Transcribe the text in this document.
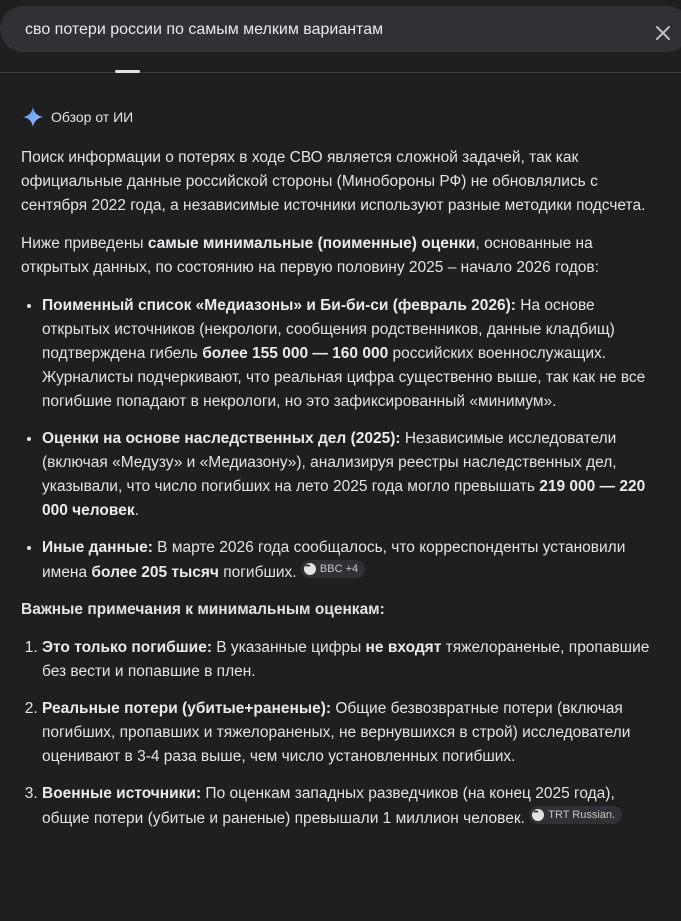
сво потери россии по самым мелким вариантам
Обзор от ИИ

Поиск информации о потерях в ходе СВО является сложной задачей, так как официальные данные российской стороны (Минобороны РФ) не обновлялись с сентября 2022 года, а независимые источники используют разные методики подсчета.

Ниже приведены самые минимальные (поименные) оценки, основанные на открытых данных, по состоянию на первую половину 2025 – начало 2026 годов:

• Поименный список «Медиазоны» и Би-би-си (февраль 2026): На основе открытых источников (некрологи, сообщения родственников, данные кладбищ) подтверждена гибель более 155 000 — 160 000 российских военнослужащих. Журналисты подчеркивают, что реальная цифра существенно выше, так как не все погибшие попадают в некрологи, но это зафиксированный «минимум».
• Оценки на основе наследственных дел (2025): Независимые исследователи (включая «Медузу» и «Медиазону»), анализируя реестры наследственных дел, указывали, что число погибших на лето 2025 года могло превышать 219 000 — 220 000 человек.
• Иные данные: В марте 2026 года сообщалось, что корреспонденты установили имена более 205 тысяч погибших. ••• BBC +4
Важные примечания к минимальным оценкам:
1. Это только погибшие: В указанные цифры не входят тяжелораненые, пропавшие без вести и попавшие в плен.
2. Реальные потери (убитые+раненые): Общие безвозвратные потери (включая погибших, пропавших и тяжелораненых, не вернувшихся в строй) исследователи оценивают в 3-4 раза выше, чем число установленных погибших.
3. Военные источники: По оценкам западных разведчиков (на конец 2025 года), общие потери (убитые и раненые) превышали 1 миллион человек. ••• TRT Russian.
